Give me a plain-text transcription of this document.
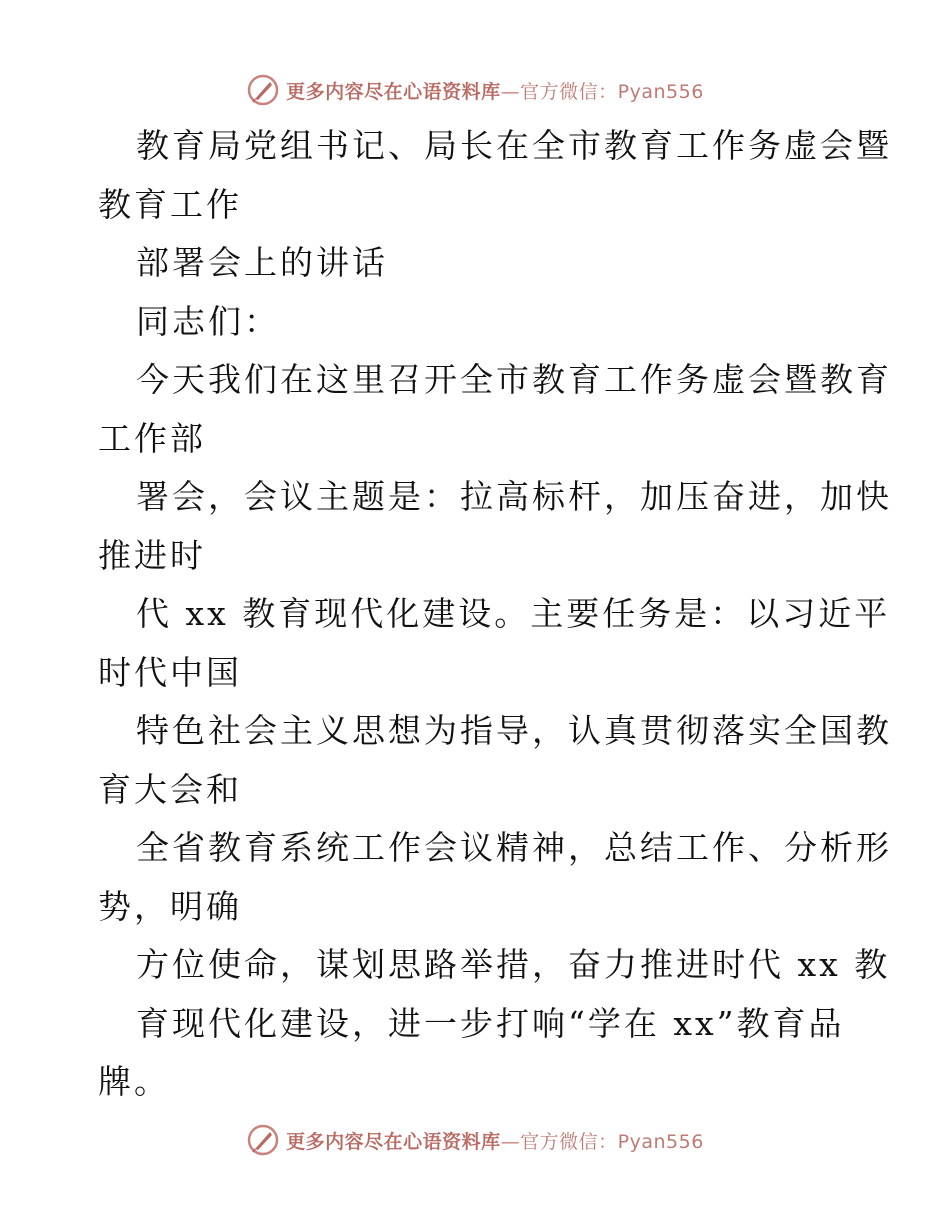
更多内容尽在心语资料库—官方微信：Pyan556
教育局党组书记、局长在全市教育工作务虚会暨
教育工作
部署会上的讲话
同志们：
今天我们在这里召开全市教育工作务虚会暨教育
工作部
署会，会议主题是：拉高标杆，加压奋进，加快
推进时
代 xx 教育现代化建设。主要任务是：以习近平
时代中国
特色社会主义思想为指导，认真贯彻落实全国教
育大会和
全省教育系统工作会议精神，总结工作、分析形
势，明确
方位使命，谋划思路举措，奋力推进时代 xx 教
育现代化建设，进一步打响“学在 xx”教育品
牌。
更多内容尽在心语资料库—官方微信：Pyan556
